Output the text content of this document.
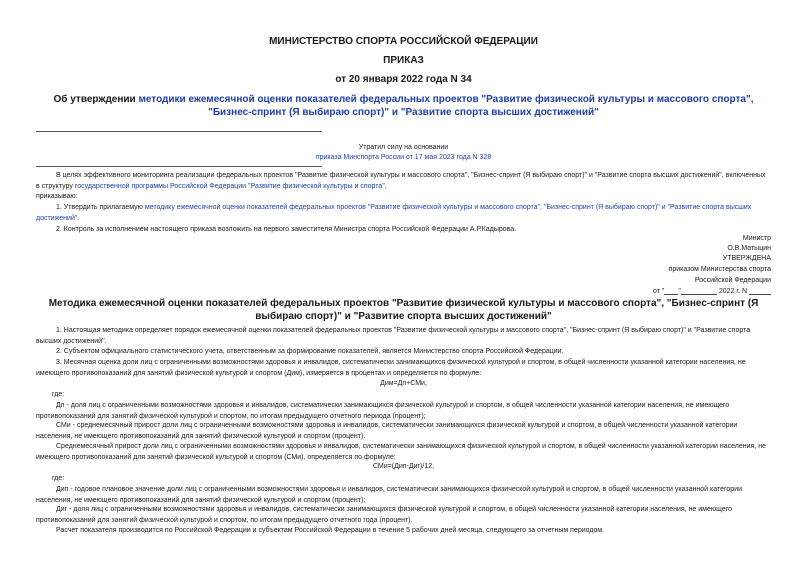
МИНИСТЕРСТВО СПОРТА РОССИЙСКОЙ ФЕДЕРАЦИИ
ПРИКАЗ
от 20 января 2022 года N 34
Об утверждении методики ежемесячной оценки показателей федеральных проектов "Развитие физической культуры и массового спорта", "Бизнес-спринт (Я выбираю спорт)" и "Развитие спорта высших достижений"
Утратил силу на основании
приказа Минспорта России от 17 мая 2023 года N 328
В целях эффективного мониторинга реализации федеральных проектов "Развитие физической культуры и массового спорта", "Бизнес-спринт (Я выбираю спорт)" и "Развитие спорта высших достижений", включенных в структуру государственной программы Российской Федерации "Развитие физической культуры и спорта",
приказываю:
1. Утвердить прилагаемую методику ежемесячной оценки показателей федеральных проектов "Развитие физической культуры и массового спорта", "Бизнес-спринт (Я выбираю спорт)" и "Развитие спорта высших достижений".
2. Контроль за исполнением настоящего приказа возложить на первого заместителя Министра спорта Российской Федерации А.Р.Кадырова.
Министр
О.В.Матыцин
УТВЕРЖДЕНА
приказом Министерства спорта
Российской Федерации
от " "	2022 г. N
Методика ежемесячной оценки показателей федеральных проектов "Развитие физической культуры и массового спорта", "Бизнес-спринт (Я выбираю спорт)" и "Развитие спорта высших достижений"
1. Настоящая методика определяет порядок ежемесячной оценки показателей федеральных проектов "Развитие физической культуры и массового спорта", "Бизнес-спринт (Я выбираю спорт)" и "Развитие спорта высших достижений".
2. Субъектом официального статистического учета, ответственным за формирование показателей, является Министерство спорта Российской Федерации.
3. Месячная оценка доли лиц с ограниченными возможностями здоровья и инвалидов, систематически занимающихся физической культурой и спортом, в общей численности указанной категории населения, не имеющего противопоказаний для занятий физической культурой и спортом (Дим), измеряется в процентах и определяется по формуле:
Дим=Дп+СМи,
где:
Дп - доля лиц с ограниченными возможностями здоровья и инвалидов, систематически занимающихся физической культурой и спортом, в общей численности указанной категории населения, не имеющего противопоказаний для занятий физической культурой и спортом, по итогам предыдущего отчетного периода (процент);
СМи - среднемесячный прирост доли лиц с ограниченными возможностями здоровья и инвалидов, систематически занимающихся физической культурой и спортом, в общей численности указанной категории населения, не имеющего противопоказаний для занятий физической культурой и спортом (процент).
Среднемесячный прирост доли лиц с ограниченными возможностями здоровья и инвалидов, систематически занимающихся физической культурой и спортом, в общей численности указанной категории населения, не имеющего противопоказаний для занятий физической культурой и спортом (СМи), определяется по формуле:
СМи=(Дип-Диг)/12,
где:
Дип - годовое плановое значение доли лиц с ограниченными возможностями здоровья и инвалидов, систематически занимающихся физической культурой и спортом, в общей численности указанной категории населения, не имеющего противопоказаний для занятий физической культурой и спортом (процент);
Диг - доля лиц с ограниченными возможностями здоровья и инвалидов, систематически занимающихся физической культурой и спортом, в общей численности указанной категории населения, не имеющего противопоказаний для занятий физической культурой и спортом, по итогам предыдущего отчетного года (процент).
Расчет показателя производится по Российской Федерации и субъектам Российской Федерации в течение 5 рабочих дней месяца, следующего за отчетным периодом.
